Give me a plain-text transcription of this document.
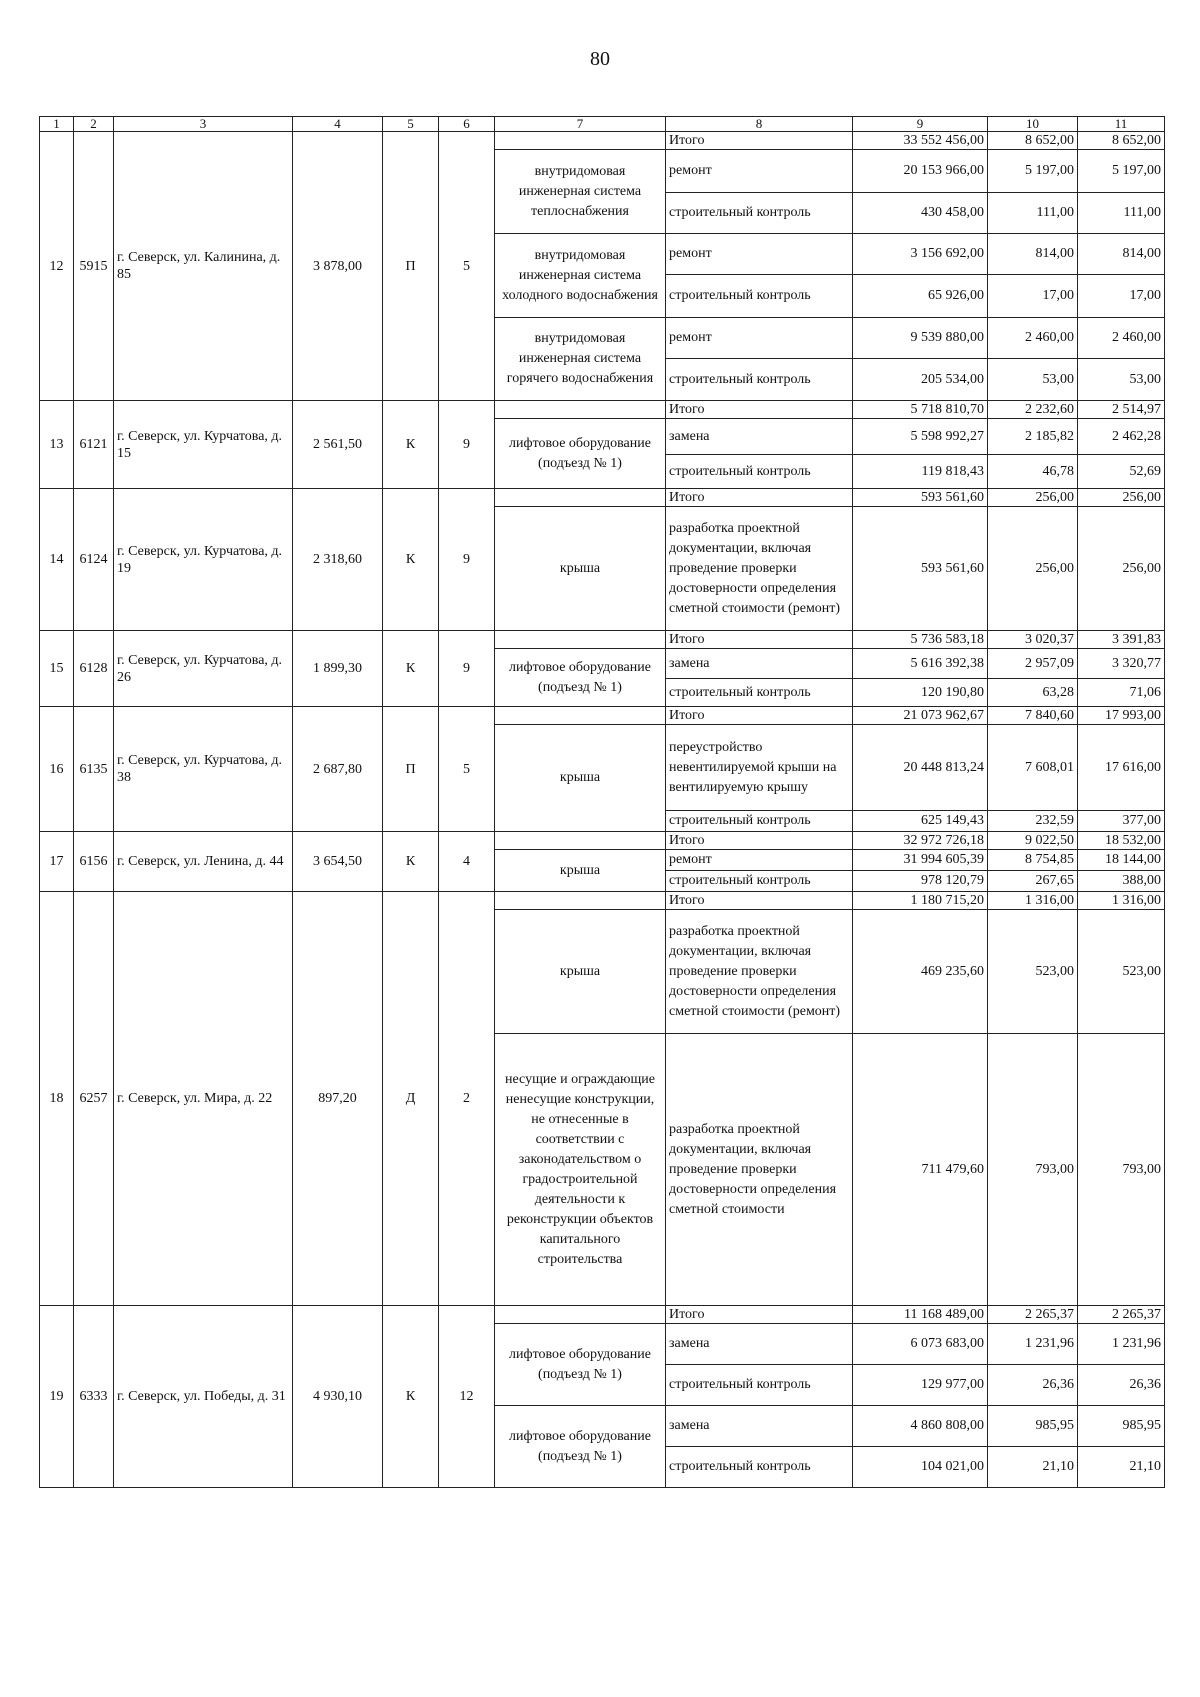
80
1	2	3	4	5	6	7	8	9	10	11
12	5915	г. Северск, ул. Калинина, д. 85	3 878,00	П	5		Итого	33 552 456,00	8 652,00	8 652,00
						внутридомовая инженерная система теплоснабжения	ремонт	20 153 966,00	5 197,00	5 197,00
							строительный контроль	430 458,00	111,00	111,00
						внутридомовая инженерная система холодного водоснабжения	ремонт	3 156 692,00	814,00	814,00
							строительный контроль	65 926,00	17,00	17,00
						внутридомовая инженерная система горячего водоснабжения	ремонт	9 539 880,00	2 460,00	2 460,00
							строительный контроль	205 534,00	53,00	53,00
13	6121	г. Северск, ул. Курчатова, д. 15	2 561,50	К	9		Итого	5 718 810,70	2 232,60	2 514,97
						лифтовое оборудование (подъезд № 1)	замена	5 598 992,27	2 185,82	2 462,28
							строительный контроль	119 818,43	46,78	52,69
14	6124	г. Северск, ул. Курчатова, д. 19	2 318,60	К	9		Итого	593 561,60	256,00	256,00
						крыша	разработка проектной документации, включая проведение проверки достоверности определения сметной стоимости (ремонт)	593 561,60	256,00	256,00
15	6128	г. Северск, ул. Курчатова, д. 26	1 899,30	К	9		Итого	5 736 583,18	3 020,37	3 391,83
						лифтовое оборудование (подъезд № 1)	замена	5 616 392,38	2 957,09	3 320,77
							строительный контроль	120 190,80	63,28	71,06
16	6135	г. Северск, ул. Курчатова, д. 38	2 687,80	П	5		Итого	21 073 962,67	7 840,60	17 993,00
						крыша	переустройство невентилируемой крыши на вентилируемую крышу	20 448 813,24	7 608,01	17 616,00
							строительный контроль	625 149,43	232,59	377,00
17	6156	г. Северск, ул. Ленина, д. 44	3 654,50	К	4		Итого	32 972 726,18	9 022,50	18 532,00
						крыша	ремонт	31 994 605,39	8 754,85	18 144,00
							строительный контроль	978 120,79	267,65	388,00
18	6257	г. Северск, ул. Мира, д. 22	897,20	Д	2		Итого	1 180 715,20	1 316,00	1 316,00
						крыша	разработка проектной документации, включая проведение проверки достоверности определения сметной стоимости (ремонт)	469 235,60	523,00	523,00
						несущие и ограждающие ненесущие конструкции, не отнесенные в соответствии с законодательством о градостроительной деятельности к реконструкции объектов капитального строительства	разработка проектной документации, включая проведение проверки достоверности определения сметной стоимости	711 479,60	793,00	793,00
19	6333	г. Северск, ул. Победы, д. 31	4 930,10	К	12		Итого	11 168 489,00	2 265,37	2 265,37
						лифтовое оборудование (подъезд № 1)	замена	6 073 683,00	1 231,96	1 231,96
							строительный контроль	129 977,00	26,36	26,36
						лифтовое оборудование (подъезд № 1)	замена	4 860 808,00	985,95	985,95
							строительный контроль	104 021,00	21,10	21,10
